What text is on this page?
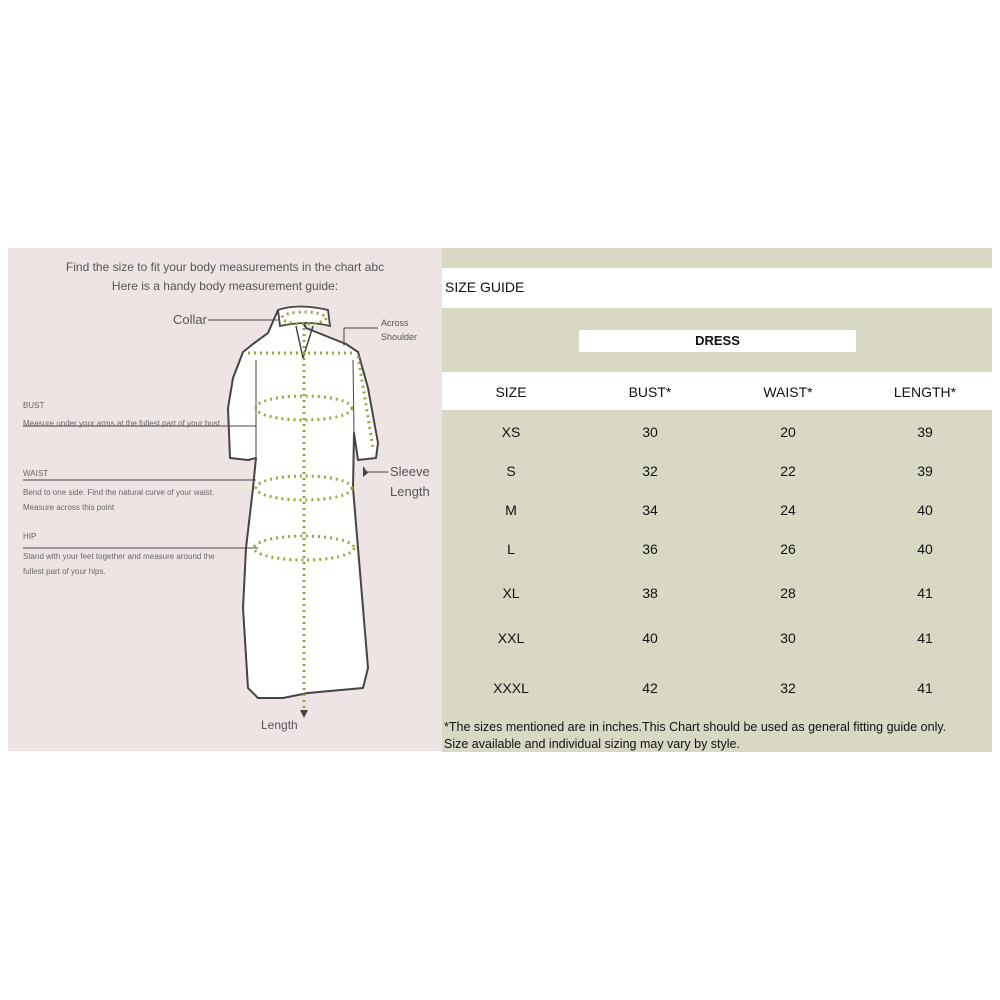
Find the size to fit your body measurements in the chart abc
Here is a handy body measurement guide:
Collar	Across
Shoulder
Sleeve
Length
Length
BUST
Measure under your arms at the fullest part of your bust
WAIST
Bend to one side. Find the natural curve of your waist.
Measure across this point
HIP
Stand with your feet together and measure around the
fullest part of your hips.
SIZE GUIDE
DRESS
SIZE	BUST*	WAIST*	LENGTH*
XS	30	20	39
S	32	22	39
M	34	24	40
L	36	26	40
XL	38	28	41
XXL	40	30	41
XXXL	42	32	41
*The sizes mentioned are in inches.This Chart should be used as general fitting guide only.
Size available and individual sizing may vary by style.
